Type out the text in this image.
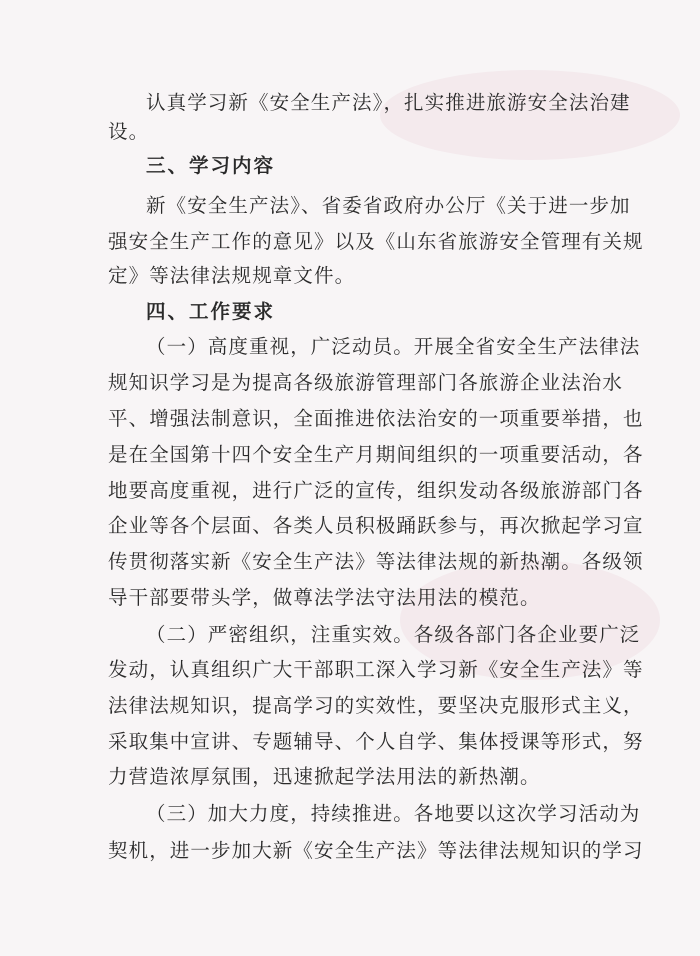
认真学习新《安全生产法》，扎实推进旅游安全法治建
设。
三、学习内容
新《安全生产法》、省委省政府办公厅《关于进一步加
强安全生产工作的意见》以及《山东省旅游安全管理有关规
定》等法律法规规章文件。
四、工作要求
（一）高度重视，广泛动员。开展全省安全生产法律法
规知识学习是为提高各级旅游管理部门各旅游企业法治水
平、增强法制意识，全面推进依法治安的一项重要举措，也
是在全国第十四个安全生产月期间组织的一项重要活动，各
地要高度重视，进行广泛的宣传，组织发动各级旅游部门各
企业等各个层面、各类人员积极踊跃参与，再次掀起学习宣
传贯彻落实新《安全生产法》等法律法规的新热潮。各级领
导干部要带头学，做尊法学法守法用法的模范。
（二）严密组织，注重实效。各级各部门各企业要广泛
发动，认真组织广大干部职工深入学习新《安全生产法》等
法律法规知识，提高学习的实效性，要坚决克服形式主义，
采取集中宣讲、专题辅导、个人自学、集体授课等形式，努
力营造浓厚氛围，迅速掀起学法用法的新热潮。
（三）加大力度，持续推进。各地要以这次学习活动为
契机，进一步加大新《安全生产法》等法律法规知识的学习
